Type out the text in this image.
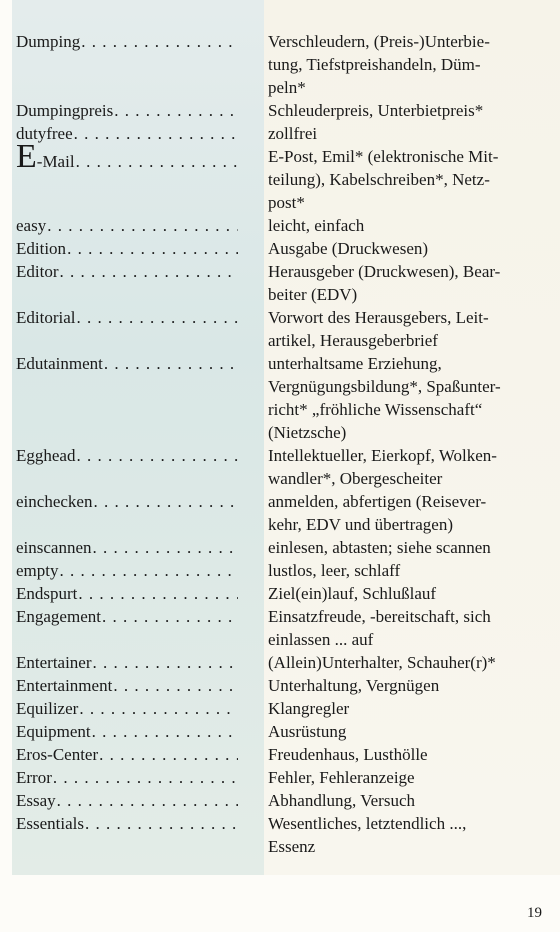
Dumping . . .	Verschleudern, (Preis-)Unterbie-
tung, Tiefstpreishandeln, Düm-
peln*
Dumpingpreis . . .	Schleuderpreis, Unterbietpreis*
dutyfree . . .	zollfrei
E -Mail . . .	E-Post, Emil* (elektronische Mit-
teilung), Kabelschreiben*, Netz-
post*
easy . . .	leicht, einfach
Edition . . .	Ausgabe (Druckwesen)
Editor . . .	Herausgeber (Druckwesen), Bear-
beiter (EDV)
Editorial . . .	Vorwort des Herausgebers, Leit-
artikel, Herausgeberbrief
Edutainment . . .	unterhaltsame Erziehung,
Vergnügungsbildung*, Spaßunter-
richt* „fröhliche Wissenschaft“
(Nietzsche)
Egghead . . .	Intellektueller, Eierkopf, Wolken-
wandler*, Obergescheiter
einchecken . . .	anmelden, abfertigen (Reisever-
kehr, EDV und übertragen)
einscannen . . .	einlesen, abtasten; siehe scannen
empty . . .	lustlos, leer, schlaff
Endspurt . . .	Ziel(ein)lauf, Schlußlauf
Engagement . . .	Einsatzfreude, -bereitschaft, sich
einlassen ... auf
Entertainer . . .	(Allein)Unterhalter, Schauher(r)*
Entertainment . . .	Unterhaltung, Vergnügen
Equilizer . . .	Klangregler
Equipment . . .	Ausrüstung
Eros-Center . . .	Freudenhaus, Lusthölle
Error . . .	Fehler, Fehleranzeige
Essay . . .	Abhandlung, Versuch
Essentials . . .	Wesentliches, letztendlich ...,
Essenz
19
